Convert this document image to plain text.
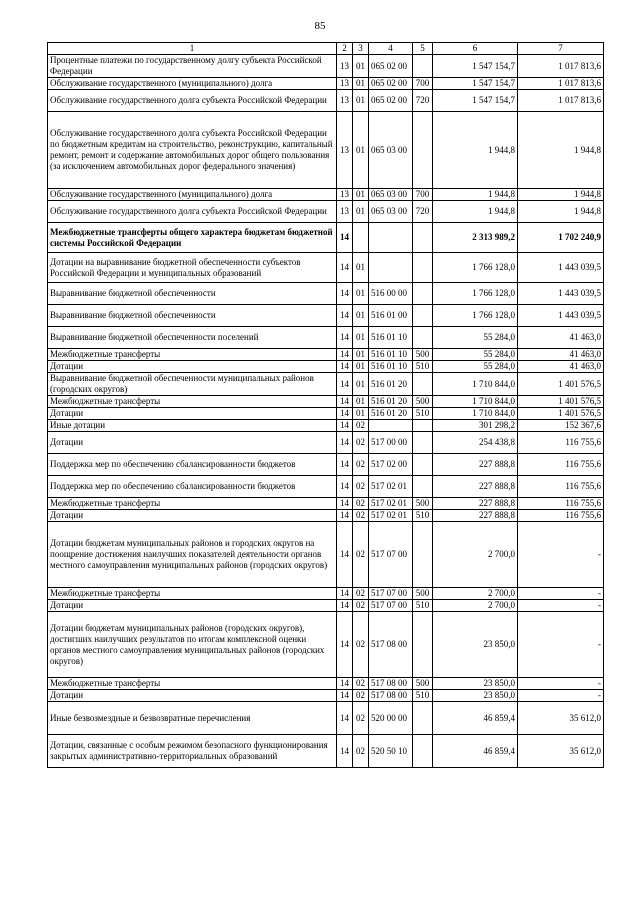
85
1	2	3	4	5	6	7
Процентные платежи по государственному долгу субъекта Российской Федерации	13	01	065 02 00		1 547 154,7	1 017 813,6
Обслуживание государственного (муниципального) долга	13	01	065 02 00	700	1 547 154,7	1 017 813,6
Обслуживание государственного долга субъекта Российской Федерации	13	01	065 02 00	720	1 547 154,7	1 017 813,6
Обслуживание государственного долга субъекта Российской Федерации по бюджетным кредитам на строительство, реконструкцию, капитальный ремонт, ремонт и содержание автомобильных дорог общего пользования (за исключением автомобильных дорог федерального значения)	13	01	065 03 00		1 944,8	1 944,8
Обслуживание государственного (муниципального) долга	13	01	065 03 00	700	1 944,8	1 944,8
Обслуживание государственного долга субъекта Российской Федерации	13	01	065 03 00	720	1 944,8	1 944,8
Межбюджетные трансферты общего характера бюджетам бюджетной системы Российской Федерации	14				2 313 989,2	1 702 240,9
Дотации на выравнивание бюджетной обеспеченности субъектов Российской Федерации и муниципальных образований	14	01			1 766 128,0	1 443 039,5
Выравнивание бюджетной обеспеченности	14	01	516 00 00		1 766 128,0	1 443 039,5
Выравнивание бюджетной обеспеченности	14	01	516 01 00		1 766 128,0	1 443 039,5
Выравнивание бюджетной обеспеченности поселений	14	01	516 01 10		55 284,0	41 463,0
Межбюджетные трансферты	14	01	516 01 10	500	55 284,0	41 463,0
Дотации	14	01	516 01 10	510	55 284,0	41 463,0
Выравнивание бюджетной обеспеченности муниципальных районов (городских округов)	14	01	516 01 20		1 710 844,0	1 401 576,5
Межбюджетные трансферты	14	01	516 01 20	500	1 710 844,0	1 401 576,5
Дотации	14	01	516 01 20	510	1 710 844,0	1 401 576,5
Иные дотации	14	02			301 298,2	152 367,6
Дотации	14	02	517 00 00		254 438,8	116 755,6
Поддержка мер по обеспечению сбалансированности бюджетов	14	02	517 02 00		227 888,8	116 755,6
Поддержка мер по обеспечению сбалансированности бюджетов	14	02	517 02 01		227 888,8	116 755,6
Межбюджетные трансферты	14	02	517 02 01	500	227 888,8	116 755,6
Дотации	14	02	517 02 01	510	227 888,8	116 755,6
Дотации бюджетам муниципальных районов и городских округов на поощрение достижения наилучших показателей деятельности органов местного самоуправления муниципальных районов (городских округов)	14	02	517 07 00		2 700,0	-
Межбюджетные трансферты	14	02	517 07 00	500	2 700,0	-
Дотации	14	02	517 07 00	510	2 700,0	-
Дотации бюджетам муниципальных районов (городских округов), достигших наилучших результатов по итогам комплексной оценки органов местного самоуправления муниципальных районов (городских округов)	14	02	517 08 00		23 850,0	-
Межбюджетные трансферты	14	02	517 08 00	500	23 850,0	-
Дотации	14	02	517 08 00	510	23 850,0	-
Иные безвозмездные и безвозвратные перечисления	14	02	520 00 00		46 859,4	35 612,0
Дотации, связанные с особым режимом безопасного функционирования закрытых административно-территориальных образований	14	02	520 50 10		46 859,4	35 612,0
